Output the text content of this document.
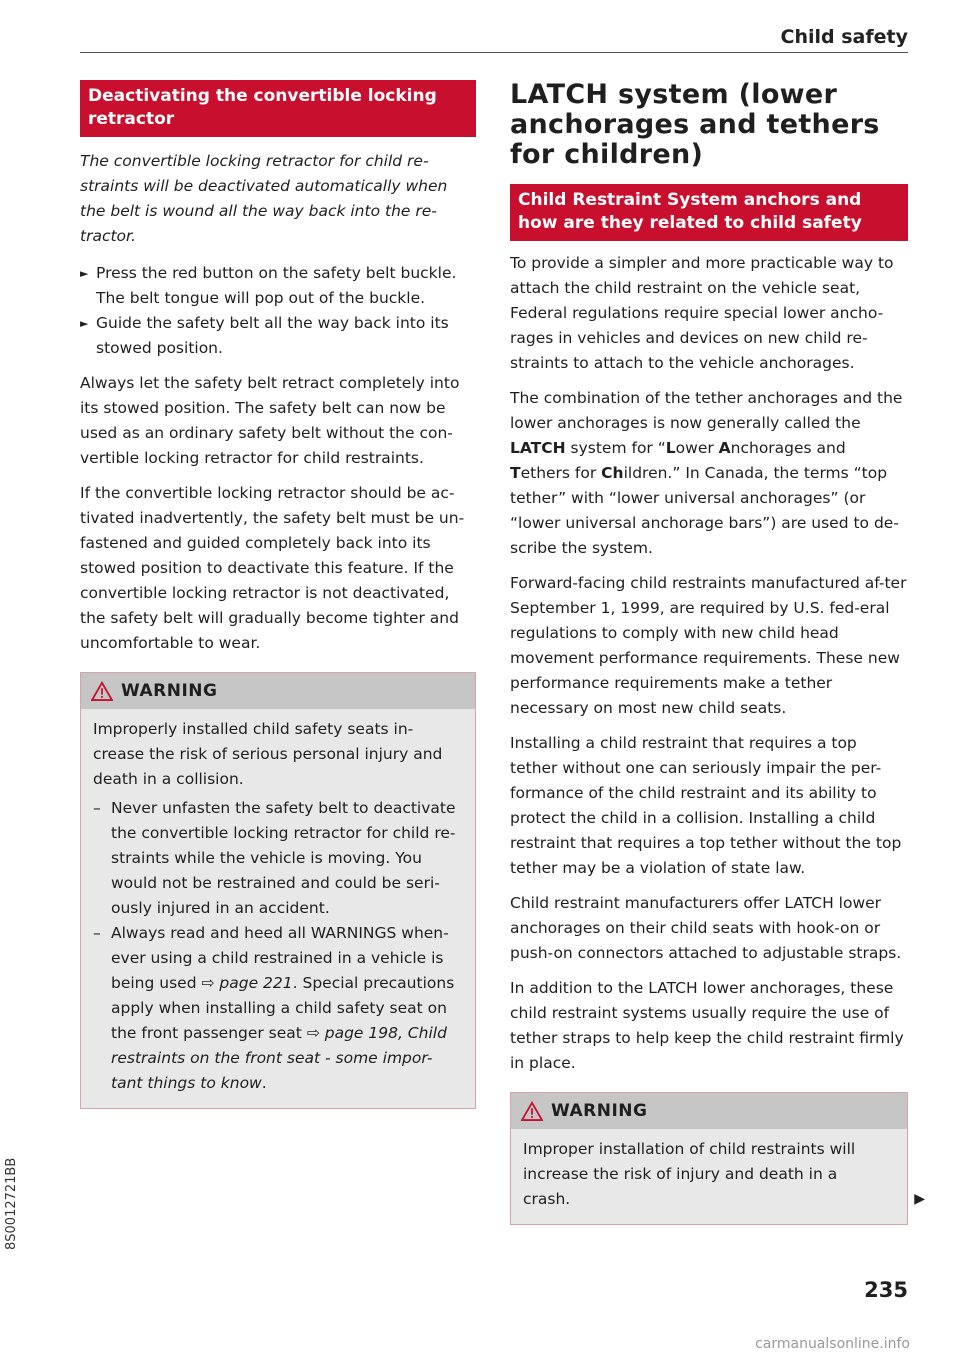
Child safety
Deactivating the convertible locking retractor
The convertible locking retractor for child re-straints will be deactivated automatically when the belt is wound all the way back into the re-tractor.
► Press the red button on the safety belt buckle. The belt tongue will pop out of the buckle.
► Guide the safety belt all the way back into its stowed position.

Always let the safety belt retract completely into its stowed position. The safety belt can now be used as an ordinary safety belt without the con-vertible locking retractor for child restraints.

If the convertible locking retractor should be ac-tivated inadvertently, the safety belt must be un-fastened and guided completely back into its stowed position to deactivate this feature. If the convertible locking retractor is not deactivated, the safety belt will gradually become tighter and uncomfortable to wear.

WARNING

Improperly installed child safety seats in-crease the risk of serious personal injury and death in a collision.

– Never unfasten the safety belt to deactivate the convertible locking retractor for child re-straints while the vehicle is moving. You would not be restrained and could be seri-ously injured in an accident.
– Always read and heed all WARNINGS when-ever using a child restrained in a vehicle is being used ⇨ page 221. Special precautions apply when installing a child safety seat on the front passenger seat ⇨ page 198, Child restraints on the front seat - some impor-tant things to know.
LATCH system (lower anchorages and tethers for children)
Child Restraint System anchors and how are they related to child safety

To provide a simpler and more practicable way to attach the child restraint on the vehicle seat, Federal regulations require special lower ancho-rages in vehicles and devices on new child re-straints to attach to the vehicle anchorages.

The combination of the tether anchorages and the lower anchorages is now generally called the LATCH system for “Lower Anchorages and Tethers for Children.” In Canada, the terms “top tether” with “lower universal anchorages” (or “lower universal anchorage bars”) are used to de-scribe the system.

Forward-facing child restraints manufactured af-ter September 1, 1999, are required by U.S. fed-eral regulations to comply with new child head movement performance requirements. These new performance requirements make a tether necessary on most new child seats.

Installing a child restraint that requires a top tether without one can seriously impair the per-formance of the child restraint and its ability to protect the child in a collision. Installing a child restraint that requires a top tether without the top tether may be a violation of state law.

Child restraint manufacturers offer LATCH lower anchorages on their child seats with hook-on or push-on connectors attached to adjustable straps.

In addition to the LATCH lower anchorages, these child restraint systems usually require the use of tether straps to help keep the child restraint firmly in place.

WARNING
Improper installation of child restraints will increase the risk of injury and death in a crash.	▶
235
8S0012721BB
carmanualsonline.info
